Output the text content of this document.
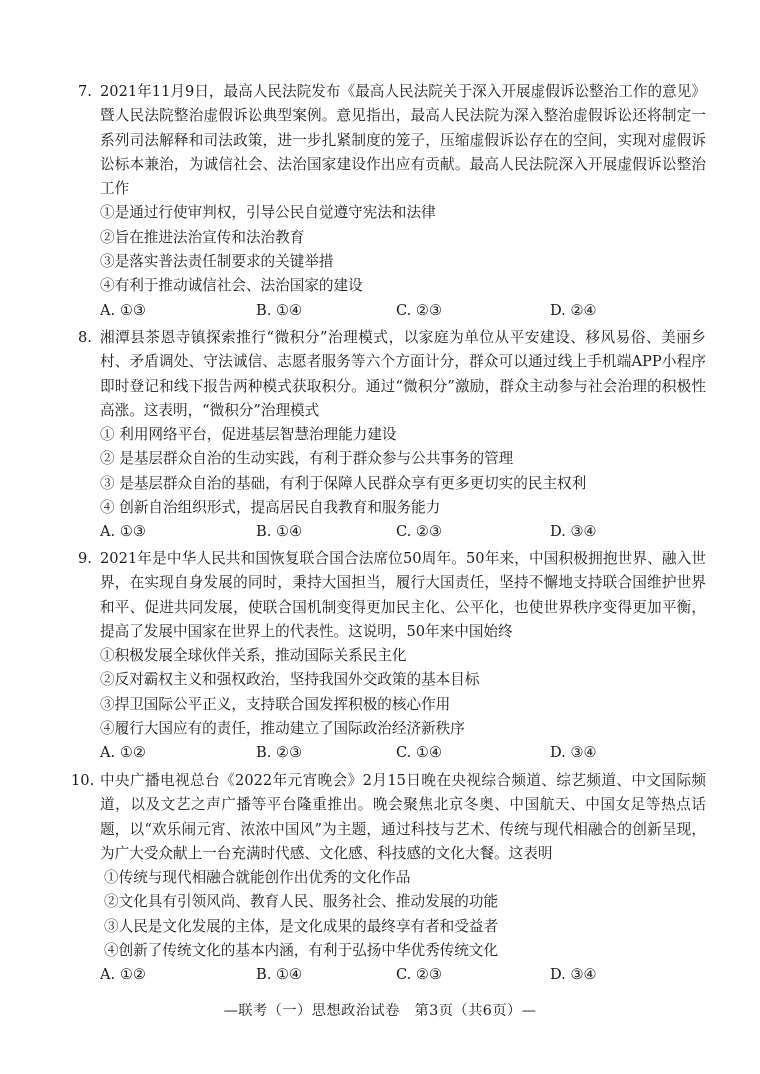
7. 2021年11月9日，最高人民法院发布《最高人民法院关于深入开展虚假诉讼整治工作的意见》暨人民法院整治虚假诉讼典型案例。意见指出，最高人民法院为深入整治虚假诉讼还将制定一系列司法解释和司法政策，进一步扎紧制度的笼子，压缩虚假诉讼存在的空间，实现对虚假诉讼标本兼治，为诚信社会、法治国家建设作出应有贡献。最高人民法院深入开展虚假诉讼整治工作
①是通过行使审判权，引导公民自觉遵守宪法和法律
②旨在推进法治宣传和法治教育
③是落实普法责任制要求的关键举措
④有利于推动诚信社会、法治国家的建设
A. ①③	B. ①④	C. ②③	D. ②④
8. 湘潭县茶恩寺镇探索推行“微积分”治理模式，以家庭为单位从平安建设、移风易俗、美丽乡村、矛盾调处、守法诚信、志愿者服务等六个方面计分，群众可以通过线上手机端APP小程序即时登记和线下报告两种模式获取积分。通过“微积分”激励，群众主动参与社会治理的积极性高涨。这表明，“微积分”治理模式
① 利用网络平台，促进基层智慧治理能力建设
② 是基层群众自治的生动实践，有利于群众参与公共事务的管理
③ 是基层群众自治的基础，有利于保障人民群众享有更多更切实的民主权利
④ 创新自治组织形式，提高居民自我教育和服务能力
A. ①③	B. ①④	C. ②③	D. ③④
9. 2021年是中华人民共和国恢复联合国合法席位50周年。50年来，中国积极拥抱世界、融入世界，在实现自身发展的同时，秉持大国担当，履行大国责任，坚持不懈地支持联合国维护世界和平、促进共同发展，使联合国机制变得更加民主化、公平化，也使世界秩序变得更加平衡，提高了发展中国家在世界上的代表性。这说明，50年来中国始终
①积极发展全球伙伴关系，推动国际关系民主化
②反对霸权主义和强权政治，坚持我国外交政策的基本目标
③捍卫国际公平正义，支持联合国发挥积极的核心作用
④履行大国应有的责任，推动建立了国际政治经济新秩序
A. ①②	B. ②③	C. ①④	D. ③④
10. 中央广播电视总台《2022年元宵晚会》2月15日晚在央视综合频道、综艺频道、中文国际频道，以及文艺之声广播等平台隆重推出。晚会聚焦北京冬奥、中国航天、中国女足等热点话题，以“欢乐闹元宵、浓浓中国风”为主题，通过科技与艺术、传统与现代相融合的创新呈现，为广大受众献上一台充满时代感、文化感、科技感的文化大餐。这表明
①传统与现代相融合就能创作出优秀的文化作品
②文化具有引领风尚、教育人民、服务社会、推动发展的功能
③人民是文化发展的主体，是文化成果的最终享有者和受益者
④创新了传统文化的基本内涵，有利于弘扬中华优秀传统文化
A. ①②	B. ①④	C. ②③	D. ③④
—联考（一）思想政治试卷　第3页（共6页）—
